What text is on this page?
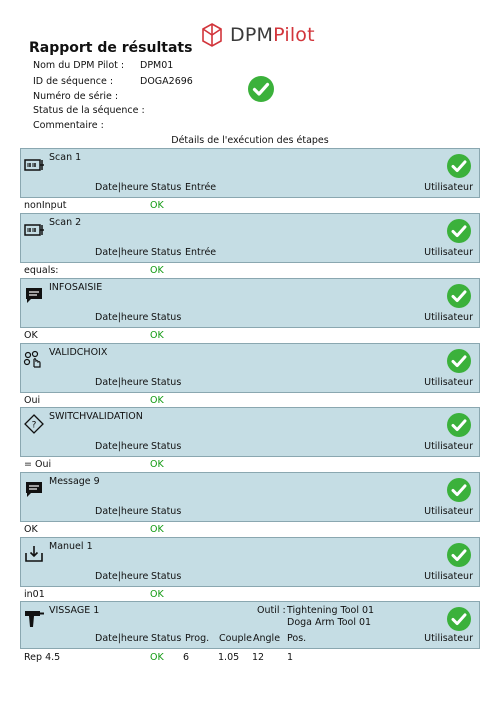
DPMPilot
Rapport de résultats
Nom du DPM Pilot : DPM01
ID de séquence :	DOGA2696
Numéro de série :
Status de la séquence :
Commentaire :
Détails de l'exécution des étapes
Scan 1
Date|heure Status Entrée	Utilisateur
nonInput	OK
Scan 2
Date|heure Status Entrée	Utilisateur
equals:	OK
INFOSAISIE
Date|heure Status	Utilisateur
OK	OK
VALIDCHOIX
Date|heure Status	Utilisateur
Oui	OK
?
SWITCHVALIDATION
Date|heure Status	Utilisateur
= Oui	OK
Message 9
Date|heure Status	Utilisateur
OK	OK
Manuel 1
Date|heure Status	Utilisateur
in01	OK
VISSAGE 1	Outil : Tightening Tool 01
Doga Arm Tool 01
Date|heure Status Prog. Couple Angle Pos.	Utilisateur
Rep 4.5	OK 6	1.05 12 1
